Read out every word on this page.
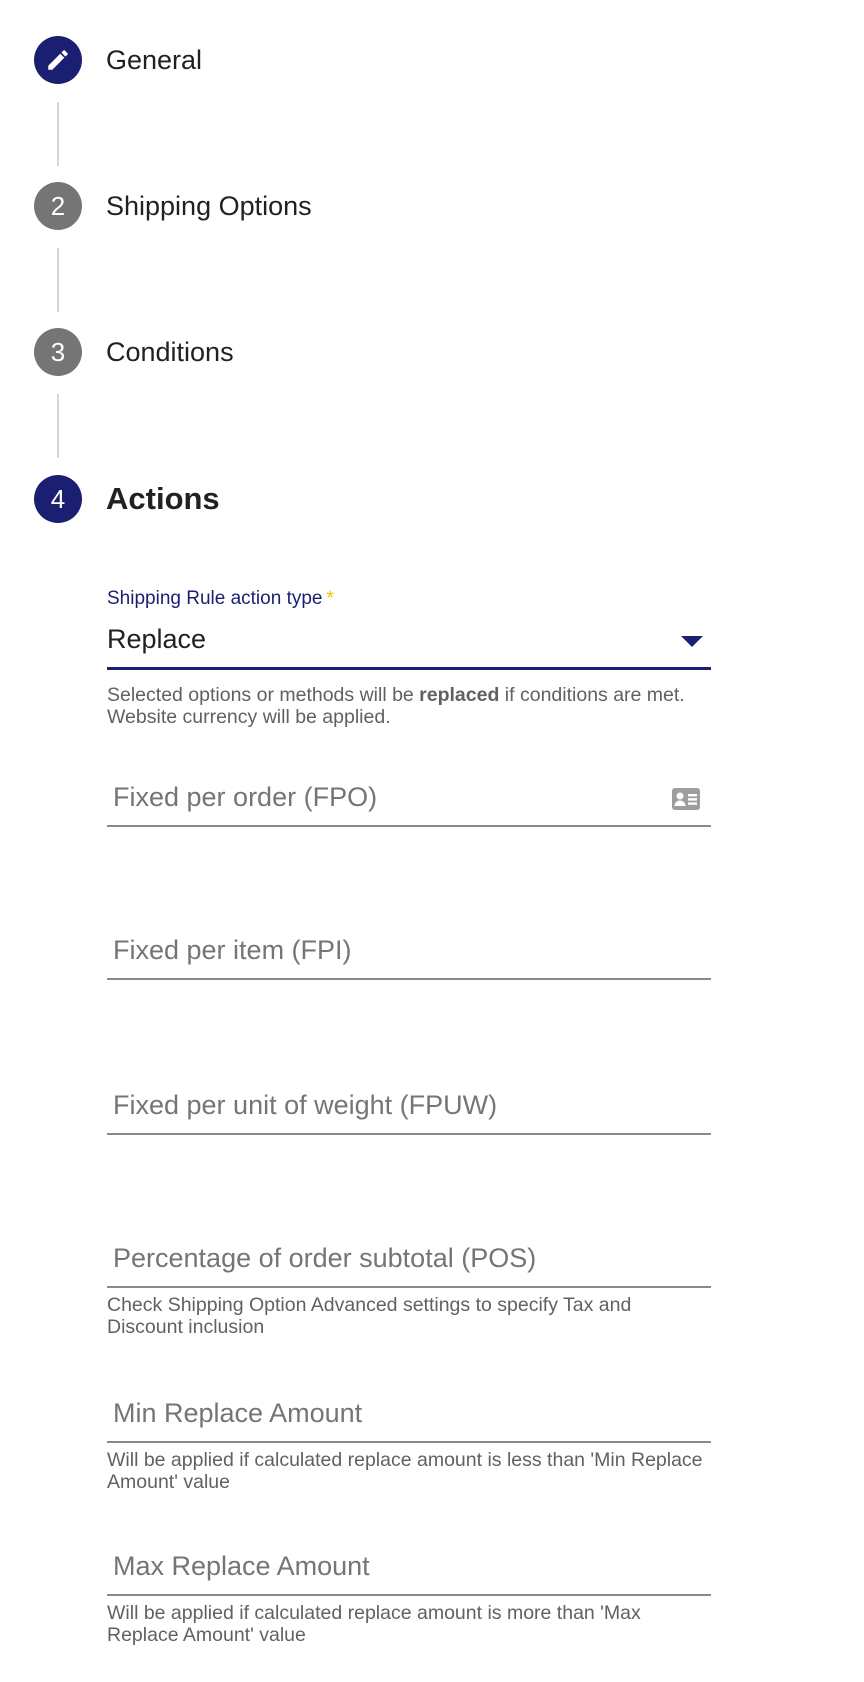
General
2	Shipping Options
3	Conditions
4	Actions
Shipping Rule action type *
Replace
Selected options or methods will be replaced if conditions are met. Website currency will be applied.
Fixed per order (FPO)
Fixed per item (FPI)
Fixed per unit of weight (FPUW)
Percentage of order subtotal (POS)
Check Shipping Option Advanced settings to specify Tax and Discount inclusion
Min Replace Amount
Will be applied if calculated replace amount is less than 'Min Replace Amount' value
Max Replace Amount
Will be applied if calculated replace amount is more than 'Max Replace Amount' value
